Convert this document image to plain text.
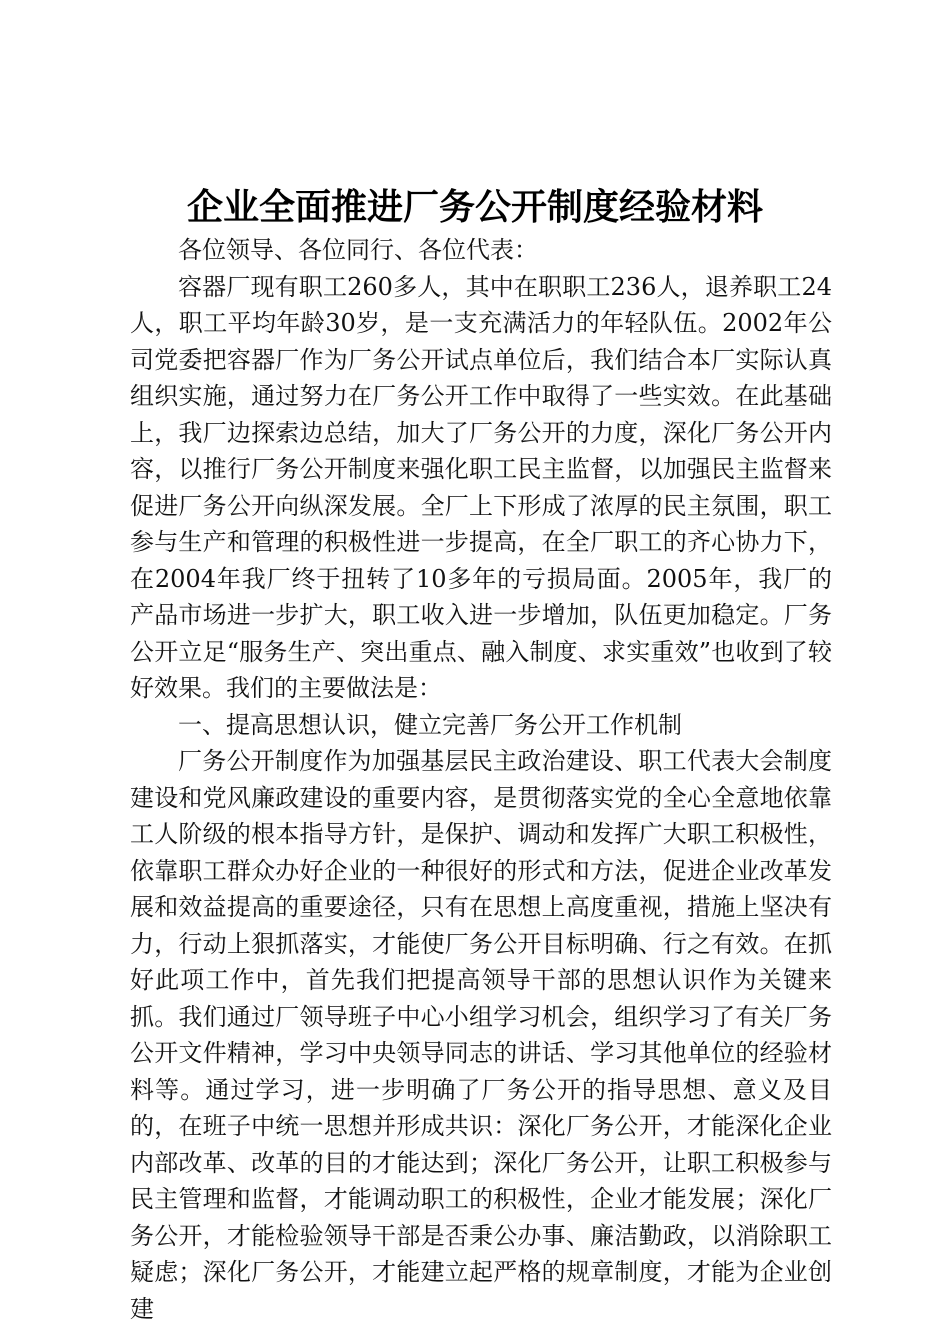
企业全面推进厂务公开制度经验材料

各位领导、各位同行、各位代表：

容器厂现有职工260多人，其中在职职工236人，退养职工24人，职工平均年龄30岁，是一支充满活力的年轻队伍。2002年公司党委把容器厂作为厂务公开试点单位后，我们结合本厂实际认真组织实施，通过努力在厂务公开工作中取得了一些实效。在此基础上，我厂边探索边总结，加大了厂务公开的力度，深化厂务公开内容，以推行厂务公开制度来强化职工民主监督，以加强民主监督来促进厂务公开向纵深发展。全厂上下形成了浓厚的民主氛围，职工参与生产和管理的积极性进一步提高，在全厂职工的齐心协力下，在2004年我厂终于扭转了10多年的亏损局面。2005年，我厂的产品市场进一步扩大，职工收入进一步增加，队伍更加稳定。厂务公开立足“服务生产、突出重点、融入制度、求实重效”也收到了较好效果。我们的主要做法是：

一、提高思想认识，健立完善厂务公开工作机制

厂务公开制度作为加强基层民主政治建设、职工代表大会制度建设和党风廉政建设的重要内容，是贯彻落实党的全心全意地依靠工人阶级的根本指导方针，是保护、调动和发挥广大职工积极性，依靠职工群众办好企业的一种很好的形式和方法，促进企业改革发展和效益提高的重要途径，只有在思想上高度重视，措施上坚决有力，行动上狠抓落实，才能使厂务公开目标明确、行之有效。在抓好此项工作中，首先我们把提高领导干部的思想认识作为关键来抓。我们通过厂领导班子中心小组学习机会，组织学习了有关厂务公开文件精神，学习中央领导同志的讲话、学习其他单位的经验材料等。通过学习，进一步明确了厂务公开的指导思想、意义及目的，在班子中统一思想并形成共识：深化厂务公开，才能深化企业内部改革、改革的目的才能达到；深化厂务公开，让职工积极参与民主管理和监督，才能调动职工的积极性，企业才能发展；深化厂务公开，才能检验领导干部是否秉公办事、廉洁勤政，以消除职工疑虑；深化厂务公开，才能建立起严格的规章制度，才能为企业创建
